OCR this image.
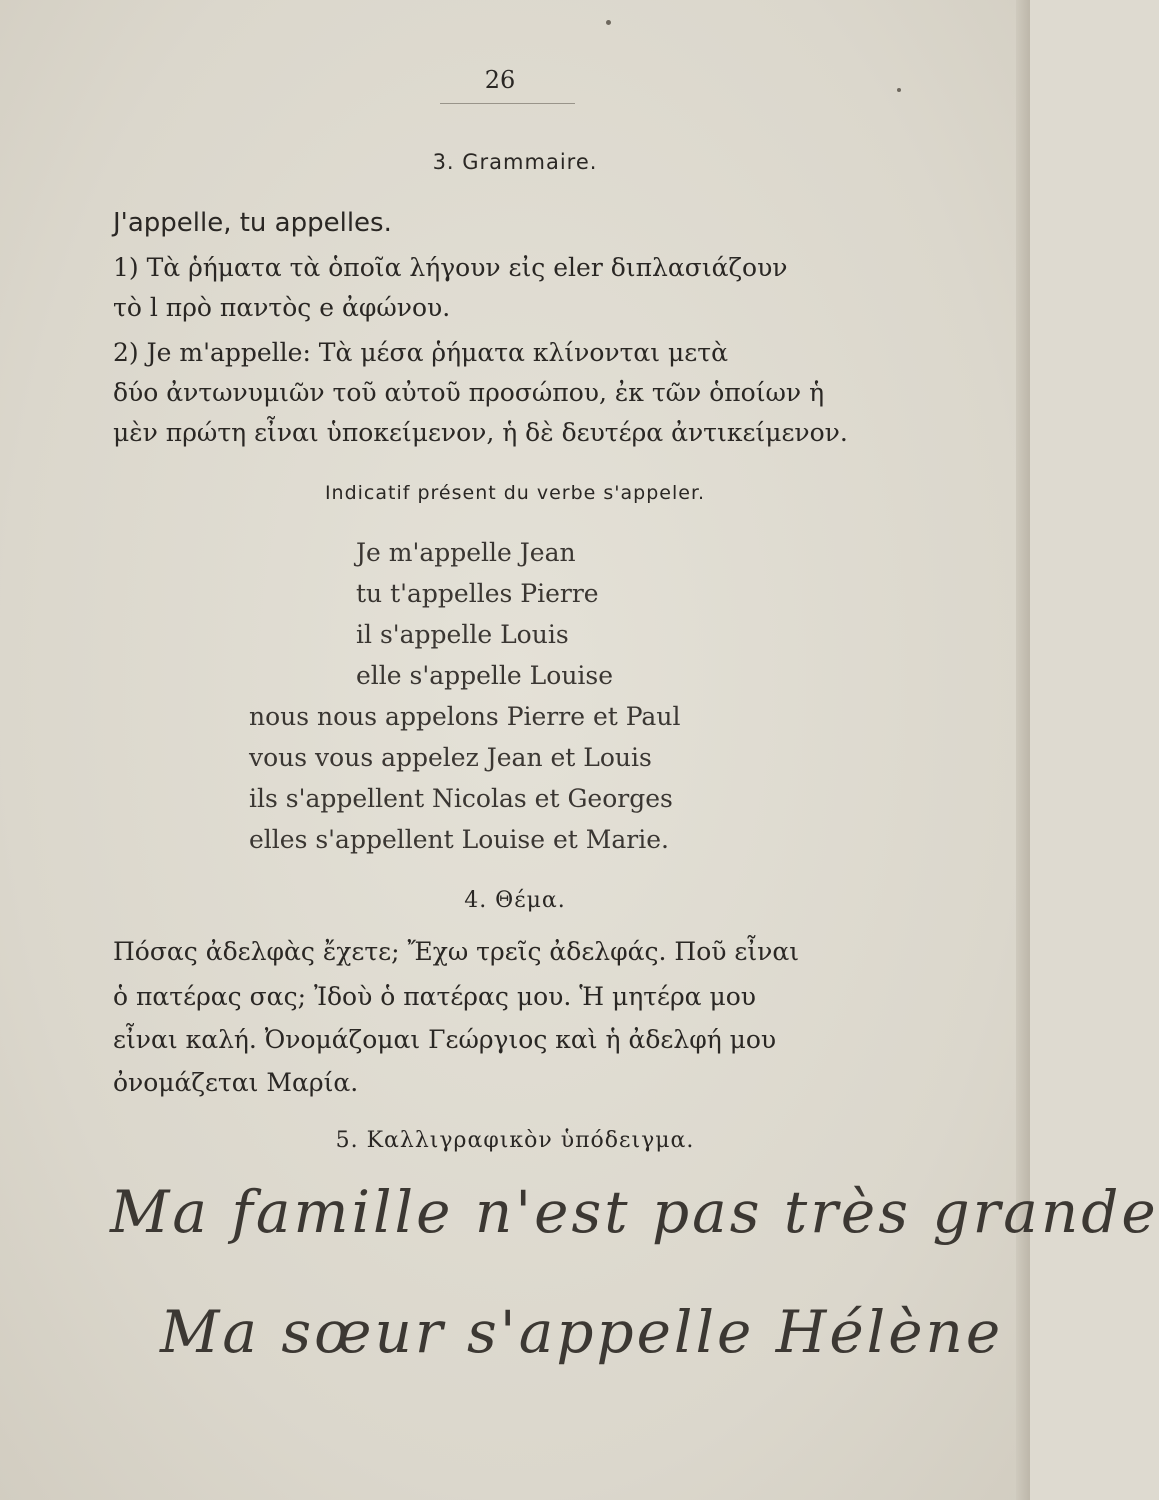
26
3. Grammaire.
J'appelle, tu appelles.
1) Τὰ ῥήματα τὰ ὁποῖα λήγουν εἰς eler διπλασιάζουν
τὸ l πρὸ παντὸς e ἀφώνου.
2) Je m'appelle: Τὰ μέσα ῥήματα κλίνονται μετὰ
δύο ἀντωνυμιῶν τοῦ αὐτοῦ προσώπου, ἐκ τῶν ὁποίων ἡ
μὲν πρώτη εἶναι ὑποκείμενον, ἡ δὲ δευτέρα ἀντικείμενον.
Indicatif présent du verbe s'appeler.
Je m'appelle Jean
tu t'appelles Pierre
il s'appelle Louis
elle s'appelle Louise
nous nous appelons Pierre et Paul
vous vous appelez Jean et Louis
ils s'appellent Nicolas et Georges
elles s'appellent Louise et Marie.
4. Θέμα.
Πόσας ἀδελφὰς ἔχετε; Ἔχω τρεῖς ἀδελφάς. Ποῦ εἶναι
ὁ πατέρας σας; Ἰδοὺ ὁ πατέρας μου. Ἡ μητέρα μου
εἶναι καλή. Ὀνομάζομαι Γεώργιος καὶ ἡ ἀδελφή μου
ὀνομάζεται Μαρία.
5. Καλλιγραφικὸν ὑπόδειγμα.
Ma famille n'est pas très grande
Ma sœur s'appelle Hélène
